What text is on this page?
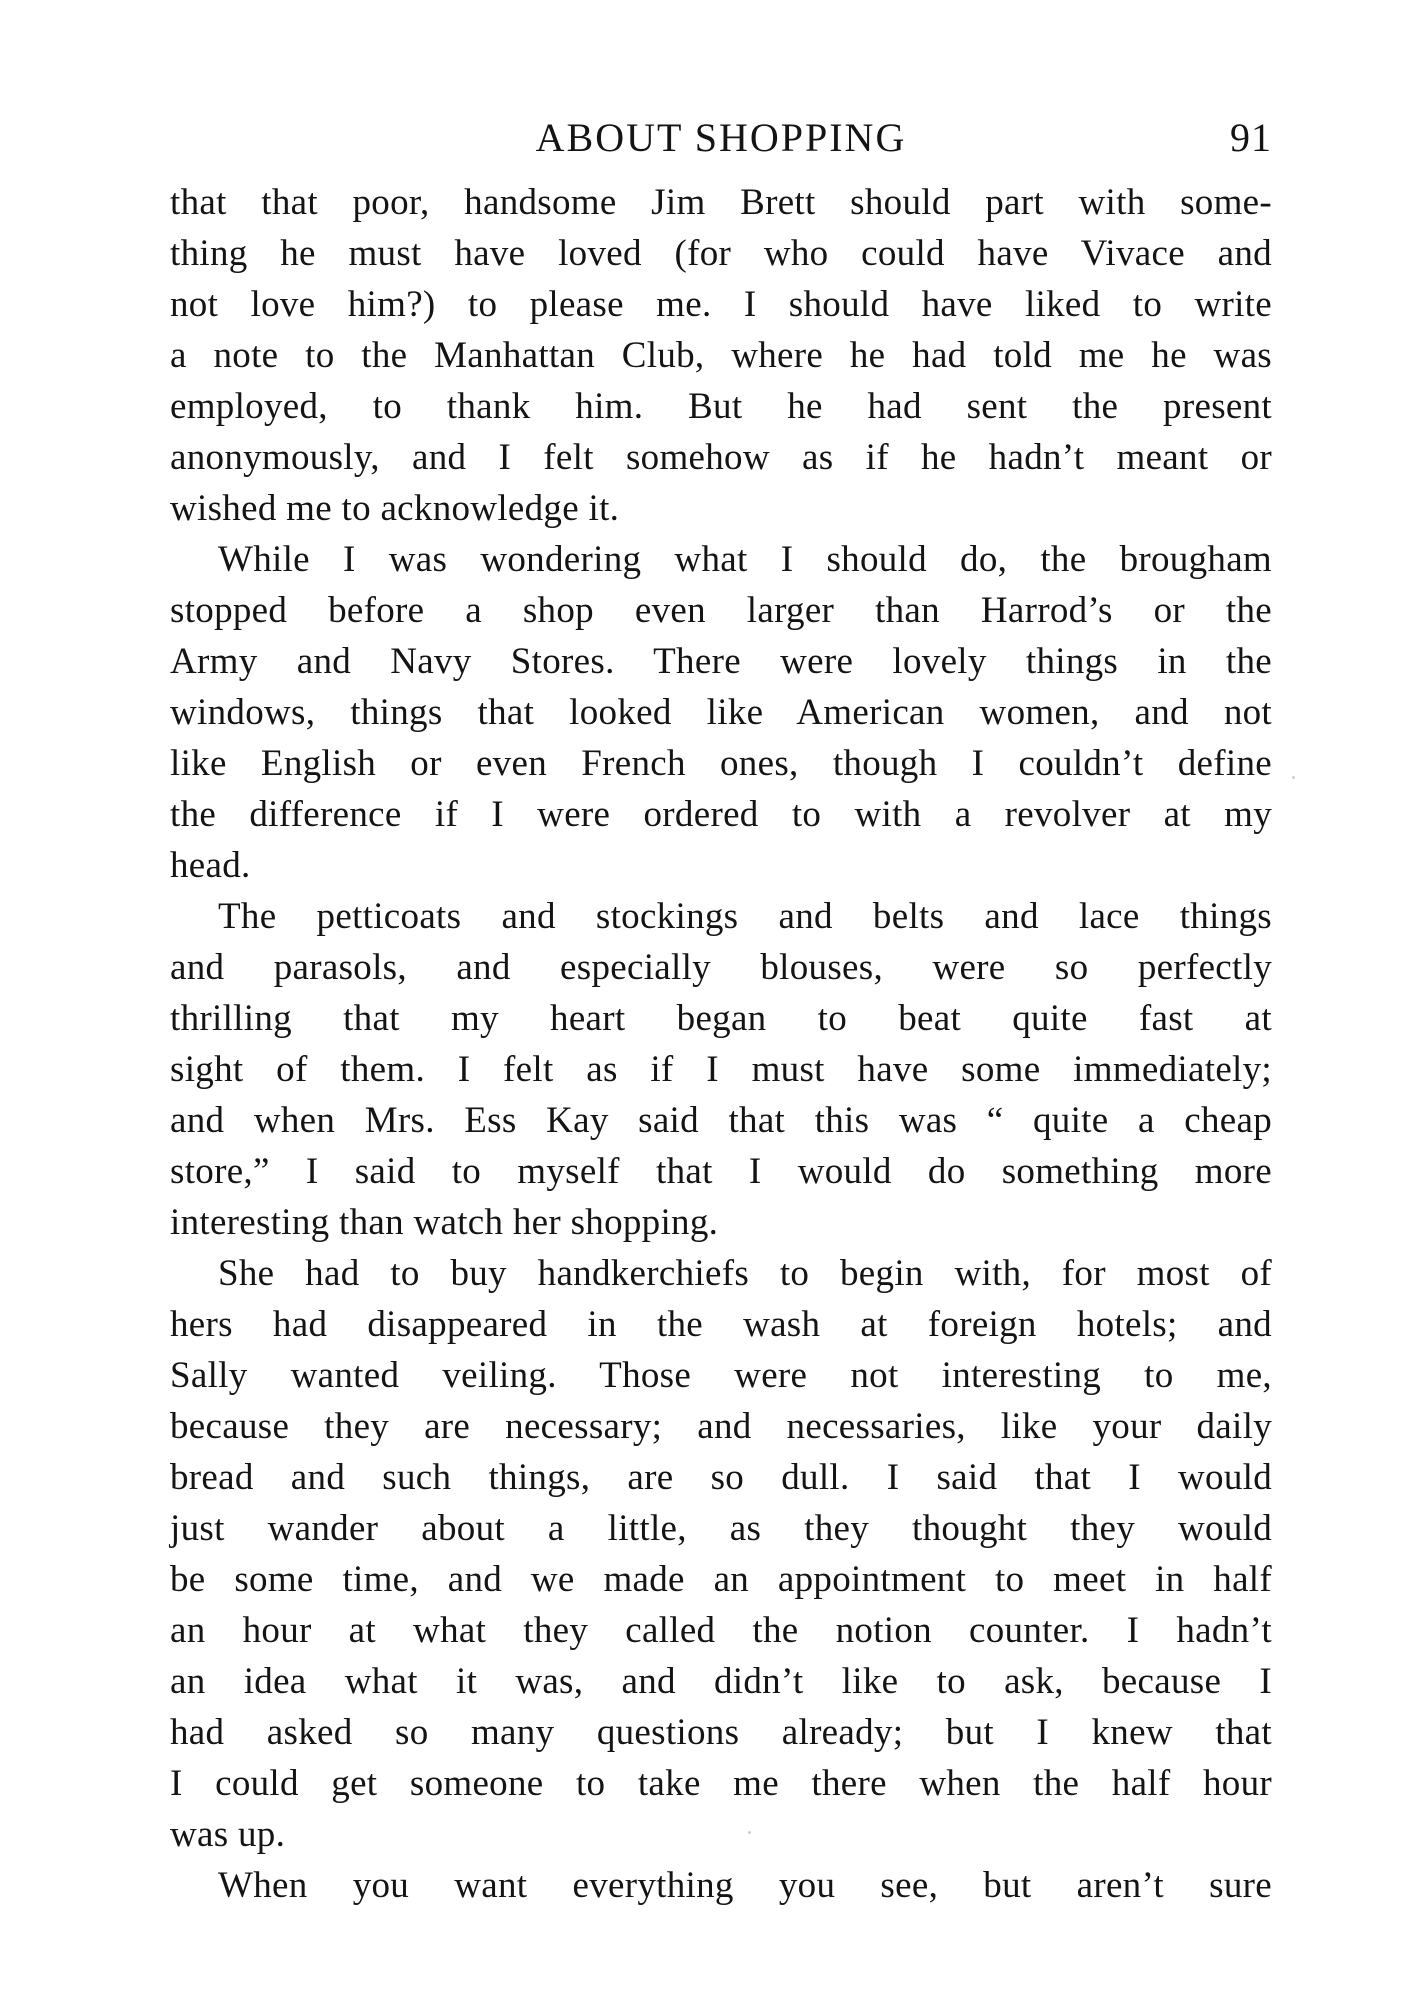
ABOUT SHOPPING	91
that that poor, handsome Jim Brett should part with some-
thing he must have loved (for who could have Vivace and
not love him?) to please me. I should have liked to write
a note to the Manhattan Club, where he had told me he was
employed, to thank him. But he had sent the present
anonymously, and I felt somehow as if he hadn’t meant or
wished me to acknowledge it.
While I was wondering what I should do, the brougham
stopped before a shop even larger than Harrod’s or the
Army and Navy Stores. There were lovely things in the
windows, things that looked like American women, and not
like English or even French ones, though I couldn’t define
the difference if I were ordered to with a revolver at my
head.
The petticoats and stockings and belts and lace things
and parasols, and especially blouses, were so perfectly
thrilling that my heart began to beat quite fast at
sight of them. I felt as if I must have some immediately;
and when Mrs. Ess Kay said that this was “ quite a cheap
store,” I said to myself that I would do something more
interesting than watch her shopping.
She had to buy handkerchiefs to begin with, for most of
hers had disappeared in the wash at foreign hotels; and
Sally wanted veiling. Those were not interesting to me,
because they are necessary; and necessaries, like your daily
bread and such things, are so dull. I said that I would
just wander about a little, as they thought they would
be some time, and we made an appointment to meet in half
an hour at what they called the notion counter. I hadn’t
an idea what it was, and didn’t like to ask, because I
had asked so many questions already; but I knew that
I could get someone to take me there when the half hour
was up.
When you want everything you see, but aren’t sure
